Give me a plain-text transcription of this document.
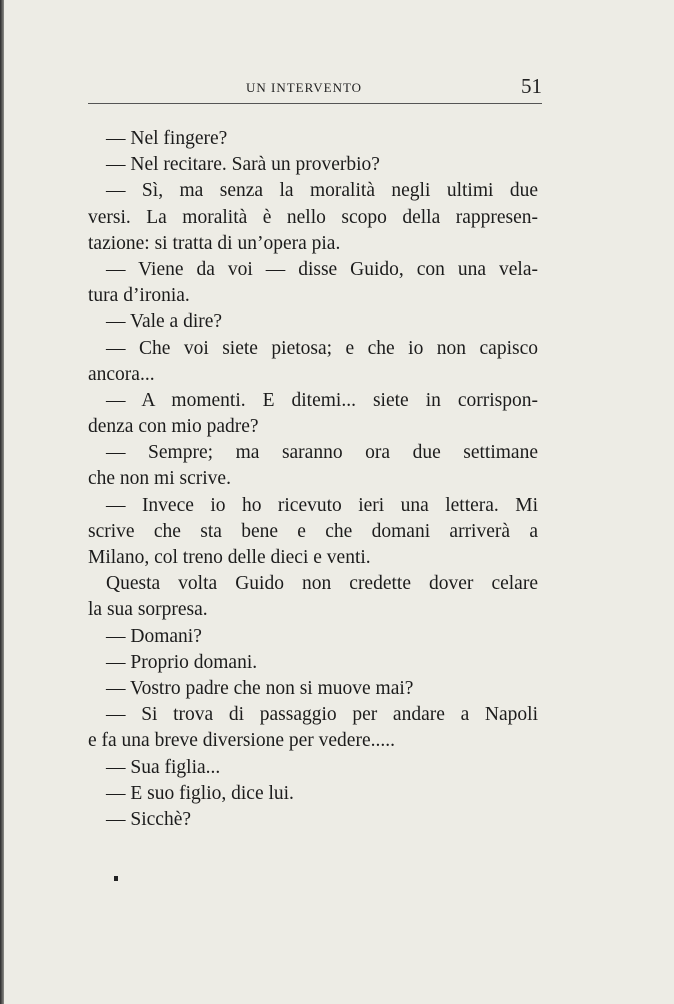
UN INTERVENTO	51
— Nel fingere?
— Nel recitare. Sarà un proverbio?
— Sì, ma senza la moralità negli ultimi due
versi. La moralità è nello scopo della rappresen-
tazione: si tratta di un’opera pia.
— Viene da voi — disse Guido, con una vela-
tura d’ironia.
— Vale a dire?
— Che voi siete pietosa; e che io non capisco
ancora...
— A momenti. E ditemi... siete in corrispon-
denza con mio padre?
— Sempre; ma saranno ora due settimane
che non mi scrive.
— Invece io ho ricevuto ieri una lettera. Mi
scrive che sta bene e che domani arriverà a
Milano, col treno delle dieci e venti.
Questa volta Guido non credette dover celare
la sua sorpresa.
— Domani?
— Proprio domani.
— Vostro padre che non si muove mai?
— Si trova di passaggio per andare a Napoli
e fa una breve diversione per vedere.....
— Sua figlia...
— E suo figlio, dice lui.
— Sicchè?
